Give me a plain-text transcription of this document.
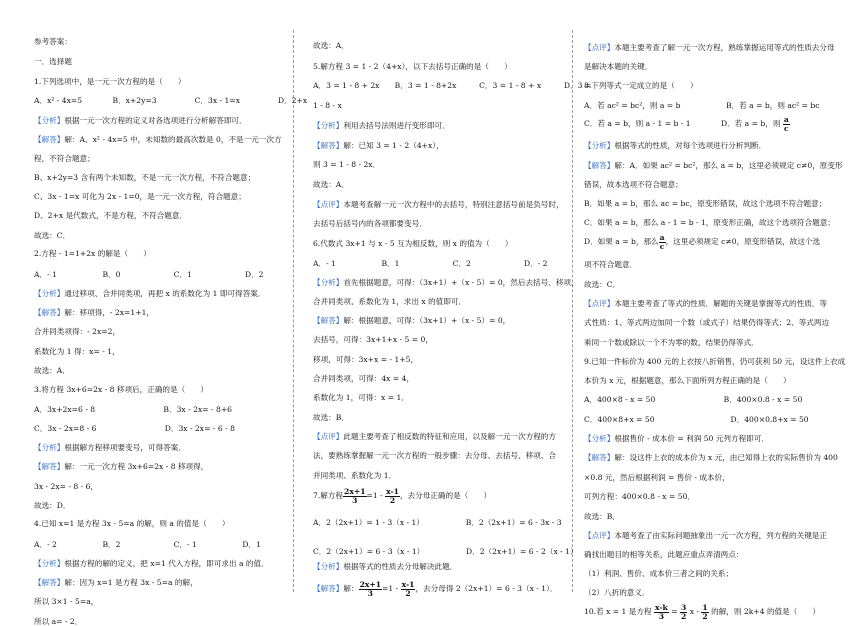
参考答案：
一．选择题
1.下列选项中，是一元一次方程的是（　　）
A．x² - 4x=5　　　　B．x+2y=3　　　　　C．3x - 1=x　　　　　D．2+x
【分析】根据一元一次方程的定义对各选项进行分析解答即可．
【解答】解：A、x² - 4x=5 中，未知数的最高次数是 0，不是一元一次方
程，不符合题意；
B、x+2y=3 含有两个未知数，不是一元一次方程，不符合题意；
C、3x - 1=x 可化为 2x - 1=0，是一元一次方程，符合题意；
D、2+x 是代数式，不是方程，不符合题意．
故选：C．
2.方程 - 1=1+2x 的解是（　　）
A．- 1　　　　　　B．0　　　　　　　C．1　　　　　　　D．2
【分析】通过移项、合并同类项，再把 x 的系数化为 1 即可得答案．
【解答】解：移项得，- 2x=1+1，
合并同类项得：- 2x=2，
系数化为 1 得：x= - 1，
故选：A．
3.将方程 3x+6=2x - 8 移项后，正确的是（　　）
A．3x+2x=6 - 8　　　　　　　　　B．3x - 2x= - 8+6
C．3x - 2x=8 - 6　　　　　　　　　D．3x - 2x= - 6 - 8
【分析】根据解方程移项要变号，可得答案．
【解答】解：一元一次方程 3x+6=2x - 8 移项得，
3x - 2x= - 8 - 6，
故选：D．
4.已知 x=1 是方程 3x - 5=a 的解，则 a 的值是（　　）
A．- 2　　　　　　B．2　　　　　　　C．- 1　　　　　　D．1
【分析】根据方程的解的定义，把 x=1 代入方程，即可求出 a 的值．
【解答】解：因为 x=1 是方程 3x - 5=a 的解，
所以 3×1 - 5=a，
所以 a= - 2．
故选：A．
5.解方程 3 = 1 - 2（4+x），以下去括号正确的是（　　）
A．3 = 1 - 8 + 2x　　B．3 = 1 - 8+2x　　　C．3 = 1 - 8 + x　　　D．3 =
1 - 8 - x
【分析】利用去括号法则进行变形即可．
【解答】解：已知 3 = 1 - 2（4+x），
则 3 = 1 - 8 - 2x．
故选：A．
【点评】本题考查解一元一次方程中的去括号，特别注意括号前是负号时，
去括号后括号内的各项都要变号．
6.代数式 3x+1 与 x - 5 互为相反数，则 x 的值为（　　）
A．- 1　　　　　　B．1　　　　　　　C．2　　　　　　　D．- 2
【分析】首先根据题意，可得：（3x+1）+（x - 5）= 0，然后去括号、移项、
合并同类项、系数化为 1，求出 x 的值即可．
【解答】解：根据题意，可得：（3x+1）+（x - 5）= 0，
去括号，可得：3x+1+x - 5 = 0，
移项，可得：3x+x = - 1+5，
合并同类项，可得：4x = 4，
系数化为 1，可得：x = 1．
故选：B．
【点评】此题主要考查了相反数的特征和应用，以及解一元一次方程的方
法，要熟练掌握解一元一次方程的一般步骤：去分母、去括号、移项、合
并同类项、系数化为 1．
7.解方程 $\frac{2x+1}{3} =1 - \frac{x-1}{2}$ ，去分母正确的是（　　）
A．2（2x+1）= 1 - 3（x - 1）　　　　　　B．2（2x+1）= 6 - 3x - 3
C．2（2x+1）= 6 - 3（x - 1）　　　　　　D．2（2x+1）= 6 - 2（x - 1）
【分析】根据等式的性质去分母解决此题．
【解答】解： $\frac{2x+1}{3} =1 - \frac{x-1}{2}$ ，去分母得 2（2x+1）= 6 - 3（x - 1）．
【点评】本题主要考查了解一元一次方程，熟练掌握运用等式的性质去分母
是解决本题的关键．
8.下列等式一定成立的是（　　）
A．若 ac² = bc²，则 a = b　　　　　　B．若 a = b，则 ac² = bc
C．若 a = b，则 a - 1 = b - 1　　　　D．若 a = b，则 $\frac{a}{c}$
【分析】根据等式的性质，对每个选项进行分析判断．
【解答】解：A．如果 ac² = bc²，那么 a = b，这里必须规定 c≠0，原变形
错误，故本选项不符合题意；
B．如果 a = b，那么 ac = bc，原变形错误，故这个选项不符合题意；
C．如果 a = b，那么 a - 1 = b - 1，原变形正确，故这个选项符合题意；
D．如果 a = b，那么 $\frac{a}{c}$ ，这里必须规定 c≠0，原变形错误，故这个选
项不符合题意．
故选：C．
【点评】本题主要考查了等式的性质．解题的关键是掌握等式的性质．等
式性质：1、等式两边加同一个数（或式子）结果仍得等式；2、等式两边
乘同一个数或除以一个不为零的数，结果仍得等式．
9.已知一件标价为 400 元的上衣按八折销售，仍可获利 50 元，设这件上衣成
本价为 x 元，根据题意，那么下面所列方程正确的是（　　）
A．400×8 - x = 50　　　　　　　　　B．400×0.8 - x = 50
C．400×8+x = 50　　　　　　　　　　D．400×0.8+x = 50
【分析】根据售价 - 成本价 = 利润 50 元列方程即可．
【解答】解：设这件上衣的成本价为 x 元，由已知得上衣的实际售价为 400
×0.8 元，然后根据利润 = 售价 - 成本价，
可列方程：400×0.8 - x = 50．
故选：B．
【点评】本题考查了由实际问题抽象出一元一次方程，列方程的关键是正
确找出题目的相等关系，此题应重点弄清两点：
（1）利润、售价、成本价三者之间的关系；
（2）八折的意义．
10.若 x = 1 是方程 $\frac{x-k}{3} = \frac{3}{2}$ x - $\frac{1}{2}$ 的解，则 2k+4 的值是（　　）
